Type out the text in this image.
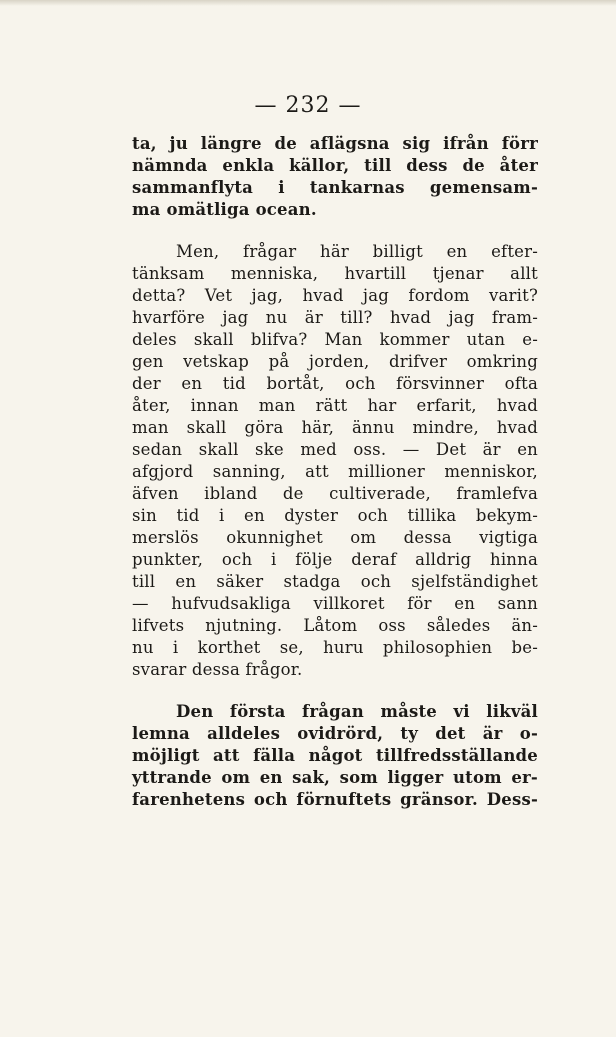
— 232 —
ta, ju längre de aflägsna sig ifrån förr
nämnda enkla källor, till dess de åter
sammanflyta i tankarnas gemensam-
ma omätliga ocean.
Men, frågar här billigt en efter-
tänksam menniska, hvartill tjenar allt
detta? Vet jag, hvad jag fordom varit?
hvarföre jag nu är till? hvad jag fram-
deles skall blifva? Man kommer utan e-
gen vetskap på jorden, drifver omkring
der en tid bortåt, och försvinner ofta
åter, innan man rätt har erfarit, hvad
man skall göra här, ännu mindre, hvad
sedan skall ske med oss. — Det är en
afgjord sanning, att millioner menniskor,
äfven ibland de cultiverade, framlefva
sin tid i en dyster och tillika bekym-
merslös okunnighet om dessa vigtiga
punkter, och i följe deraf alldrig hinna
till en säker stadga och sjelfständighet
— hufvudsakliga villkoret för en sann
lifvets njutning. Låtom oss således än-
nu i korthet se, huru philosophien be-
svarar dessa frågor.
Den första frågan måste vi likväl
lemna alldeles ovidrörd, ty det är o-
möjligt att fälla något tillfredsställande
yttrande om en sak, som ligger utom er-
farenhetens och förnuftets gränsor. Dess-
